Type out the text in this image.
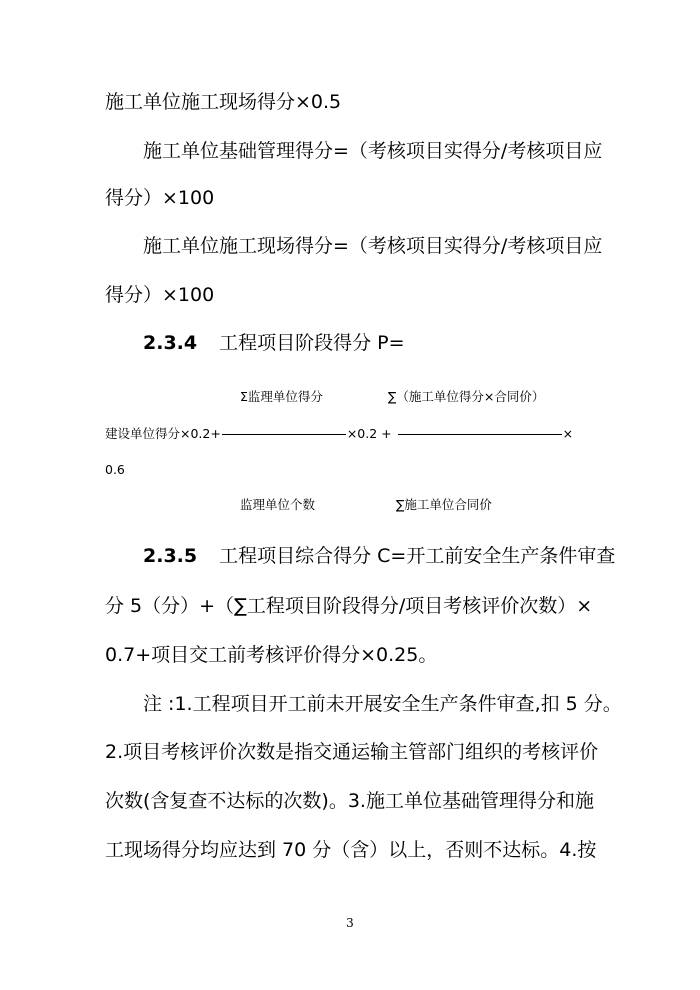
施工单位施工现场得分×0.5
施工单位基础管理得分=（考核项目实得分/考核项目应
得分）×100
施工单位施工现场得分=（考核项目实得分/考核项目应
得分）×100
2.3.4 工程项目阶段得分 P=
Σ监理单位得分	∑（施工单位得分×合同价）
建设单位得分×0.2+	×0.2 +	×
0.6
监理单位个数	∑施工单位合同价
2.3.5 工程项目综合得分 C=开工前安全生产条件审查
分 5（分）+（∑工程项目阶段得分/项目考核评价次数）×
0.7+项目交工前考核评价得分×0.25。
注 :1.工程项目开工前未开展安全生产条件审查,扣 5 分。
2.项目考核评价次数是指交通运输主管部门组织的考核评价
次数(含复查不达标的次数)。3.施工单位基础管理得分和施
工现场得分均应达到 70 分（含）以上，否则不达标。4.按
3
